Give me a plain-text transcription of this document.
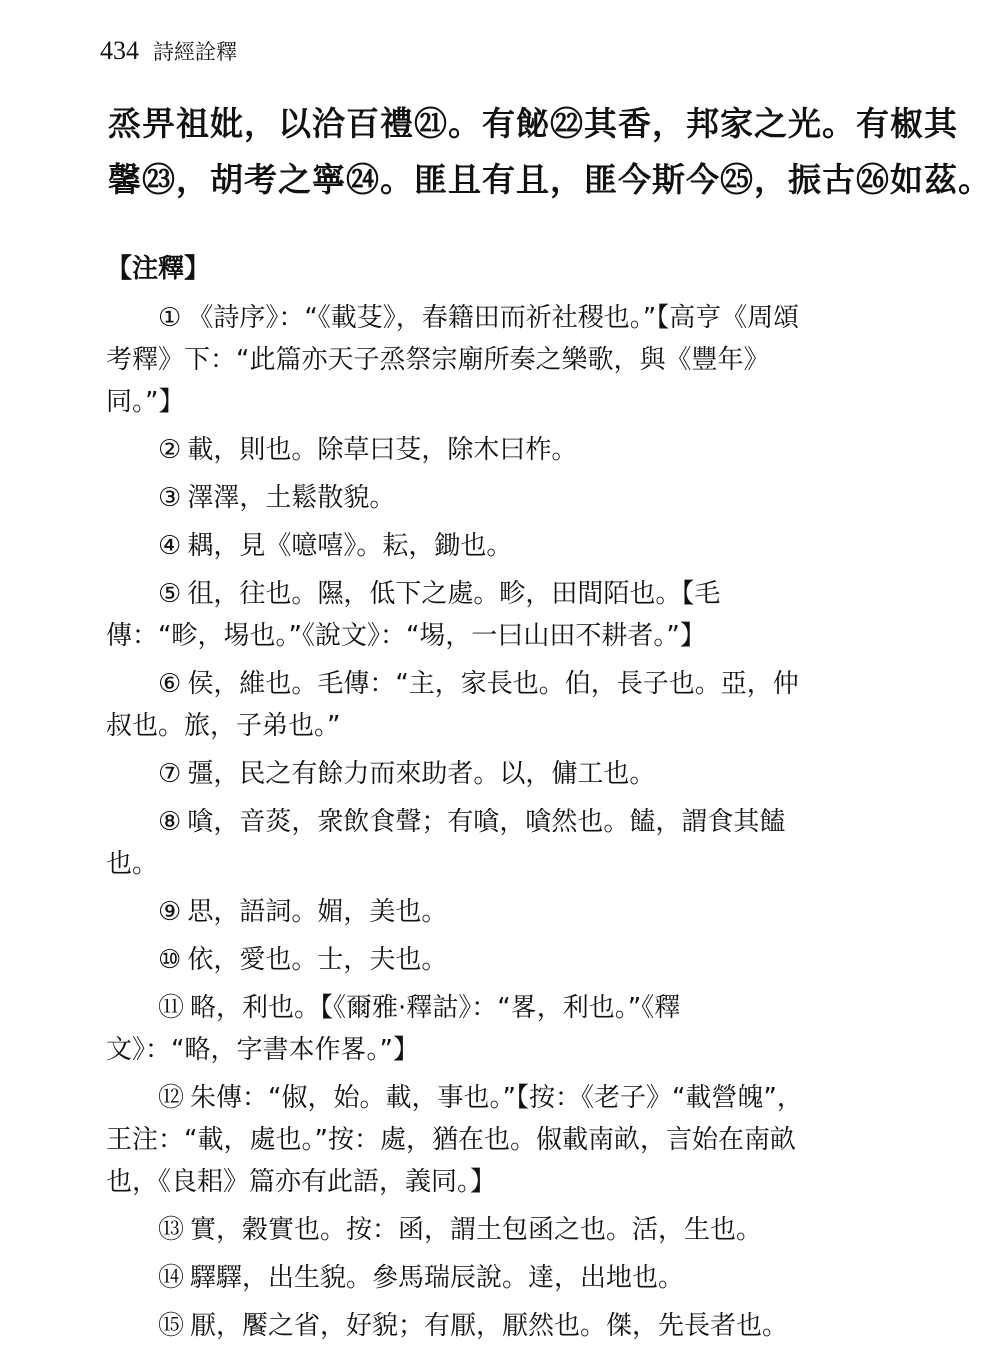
434 詩經詮釋

烝畀祖妣，以洽百禮㉑。有飶㉒其香，邦家之光。有椒其

馨㉓，胡考之寧㉔。匪且有且，匪今斯今㉕，振古㉖如茲。

【注釋】

① 《詩序》：“《載芟》，春籍田而祈社稷也。”【高亨《周頌考釋》下：“此篇亦天子烝祭宗廟所奏之樂歌，與《豐年》同。”】

② 載，則也。除草曰芟，除木曰柞。

③ 澤澤，土鬆散貌。

④ 耦，見《噫嘻》。耘，鋤也。

⑤ 徂，往也。隰，低下之處。畛，田間陌也。【毛傳：“畛，埸也。”《說文》：“埸，一曰山田不耕者。”】

⑥ 侯，維也。毛傳：“主，家長也。伯，長子也。亞，仲叔也。旅，子弟也。”

⑦ 彊，民之有餘力而來助者。以，傭工也。

⑧ 嗿，音菼，衆飲食聲；有嗿，嗿然也。饁，謂食其饁也。

⑨ 思，語詞。媚，美也。

⑩ 依，愛也。士，夫也。

⑪ 略，利也。【《爾雅·釋詁》：“畧，利也。”《釋文》：“略，字書本作畧。”】

⑫ 朱傳：“俶，始。載，事也。”【按：《老子》“載營魄”，王注：“載，處也。”按：處，猶在也。俶載南畝，言始在南畝也，《良耜》篇亦有此語，義同。】

⑬ 實，穀實也。按：函，謂土包函之也。活，生也。

⑭ 驛驛，出生貌。參馬瑞辰說。達，出地也。

⑮ 厭，饜之省，好貌；有厭，厭然也。傑，先長者也。
